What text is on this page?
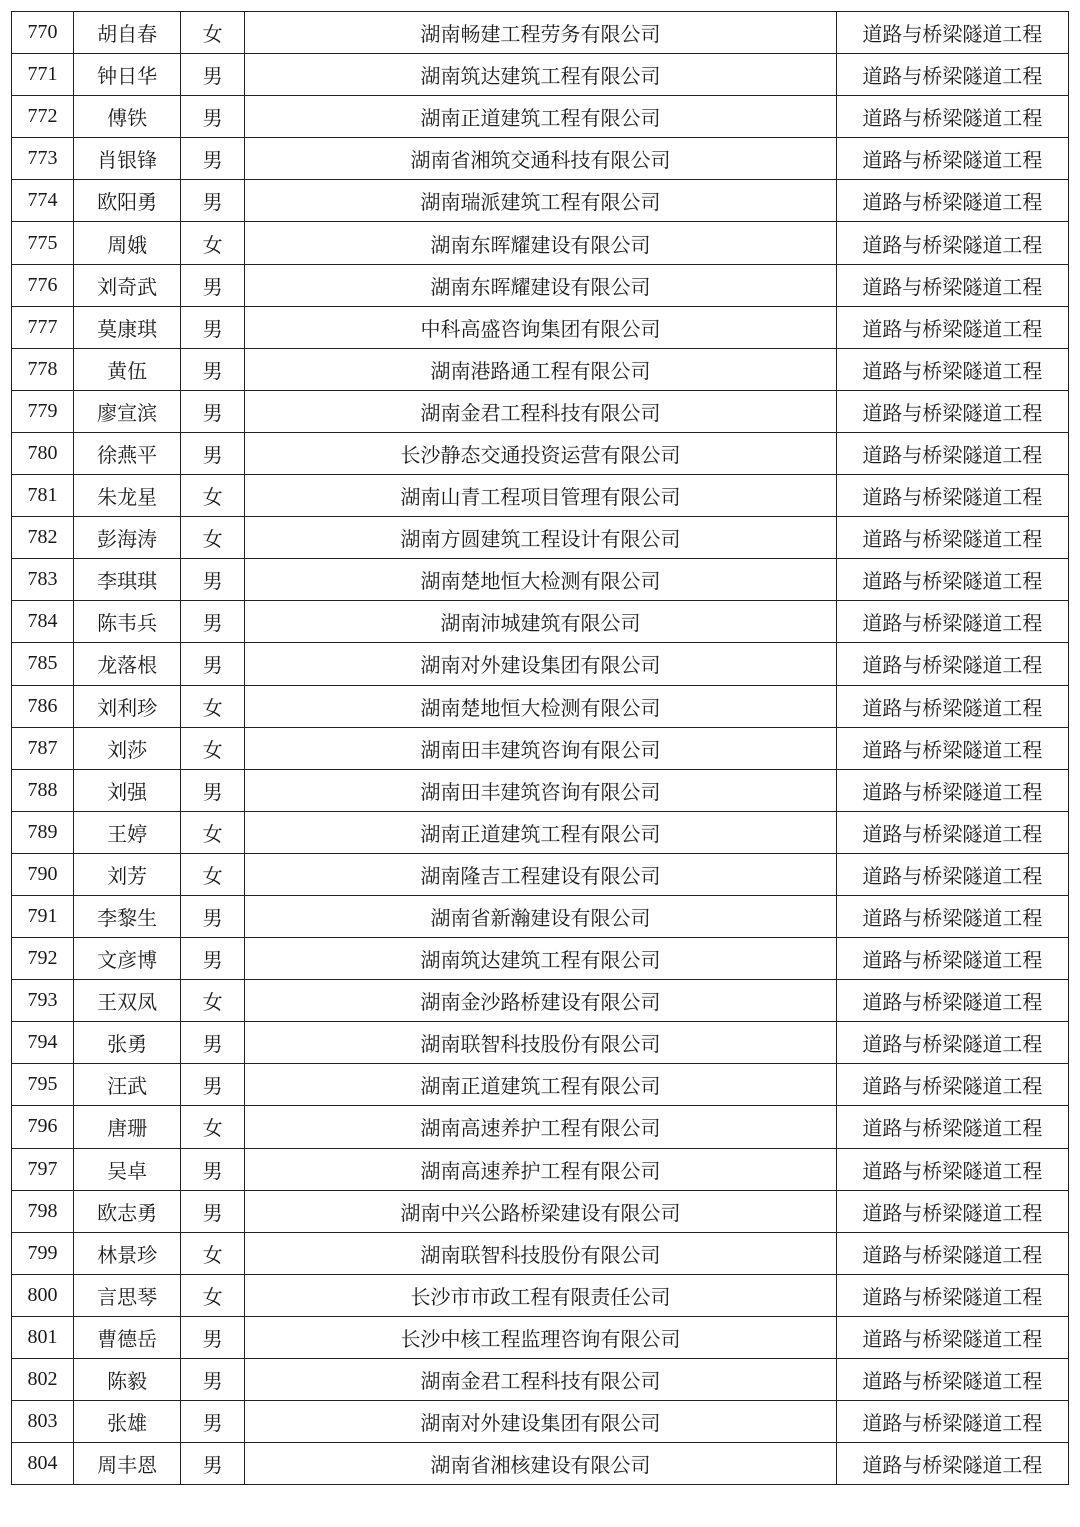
770	胡自春	女	湖南畅建工程劳务有限公司	道路与桥梁隧道工程
771	钟日华	男	湖南筑达建筑工程有限公司	道路与桥梁隧道工程
772	傅铁	男	湖南正道建筑工程有限公司	道路与桥梁隧道工程
773	肖银锋	男	湖南省湘筑交通科技有限公司	道路与桥梁隧道工程
774	欧阳勇	男	湖南瑞派建筑工程有限公司	道路与桥梁隧道工程
775	周娥	女	湖南东晖耀建设有限公司	道路与桥梁隧道工程
776	刘奇武	男	湖南东晖耀建设有限公司	道路与桥梁隧道工程
777	莫康琪	男	中科高盛咨询集团有限公司	道路与桥梁隧道工程
778	黄伍	男	湖南港路通工程有限公司	道路与桥梁隧道工程
779	廖宣滨	男	湖南金君工程科技有限公司	道路与桥梁隧道工程
780	徐燕平	男	长沙静态交通投资运营有限公司	道路与桥梁隧道工程
781	朱龙星	女	湖南山青工程项目管理有限公司	道路与桥梁隧道工程
782	彭海涛	女	湖南方圆建筑工程设计有限公司	道路与桥梁隧道工程
783	李琪琪	男	湖南楚地恒大检测有限公司	道路与桥梁隧道工程
784	陈韦兵	男	湖南沛城建筑有限公司	道路与桥梁隧道工程
785	龙落根	男	湖南对外建设集团有限公司	道路与桥梁隧道工程
786	刘利珍	女	湖南楚地恒大检测有限公司	道路与桥梁隧道工程
787	刘莎	女	湖南田丰建筑咨询有限公司	道路与桥梁隧道工程
788	刘强	男	湖南田丰建筑咨询有限公司	道路与桥梁隧道工程
789	王婷	女	湖南正道建筑工程有限公司	道路与桥梁隧道工程
790	刘芳	女	湖南隆吉工程建设有限公司	道路与桥梁隧道工程
791	李黎生	男	湖南省新瀚建设有限公司	道路与桥梁隧道工程
792	文彦博	男	湖南筑达建筑工程有限公司	道路与桥梁隧道工程
793	王双凤	女	湖南金沙路桥建设有限公司	道路与桥梁隧道工程
794	张勇	男	湖南联智科技股份有限公司	道路与桥梁隧道工程
795	汪武	男	湖南正道建筑工程有限公司	道路与桥梁隧道工程
796	唐珊	女	湖南高速养护工程有限公司	道路与桥梁隧道工程
797	吴卓	男	湖南高速养护工程有限公司	道路与桥梁隧道工程
798	欧志勇	男	湖南中兴公路桥梁建设有限公司	道路与桥梁隧道工程
799	林景珍	女	湖南联智科技股份有限公司	道路与桥梁隧道工程
800	言思琴	女	长沙市市政工程有限责任公司	道路与桥梁隧道工程
801	曹德岳	男	长沙中核工程监理咨询有限公司	道路与桥梁隧道工程
802	陈毅	男	湖南金君工程科技有限公司	道路与桥梁隧道工程
803	张雄	男	湖南对外建设集团有限公司	道路与桥梁隧道工程
804	周丰恩	男	湖南省湘核建设有限公司	道路与桥梁隧道工程
